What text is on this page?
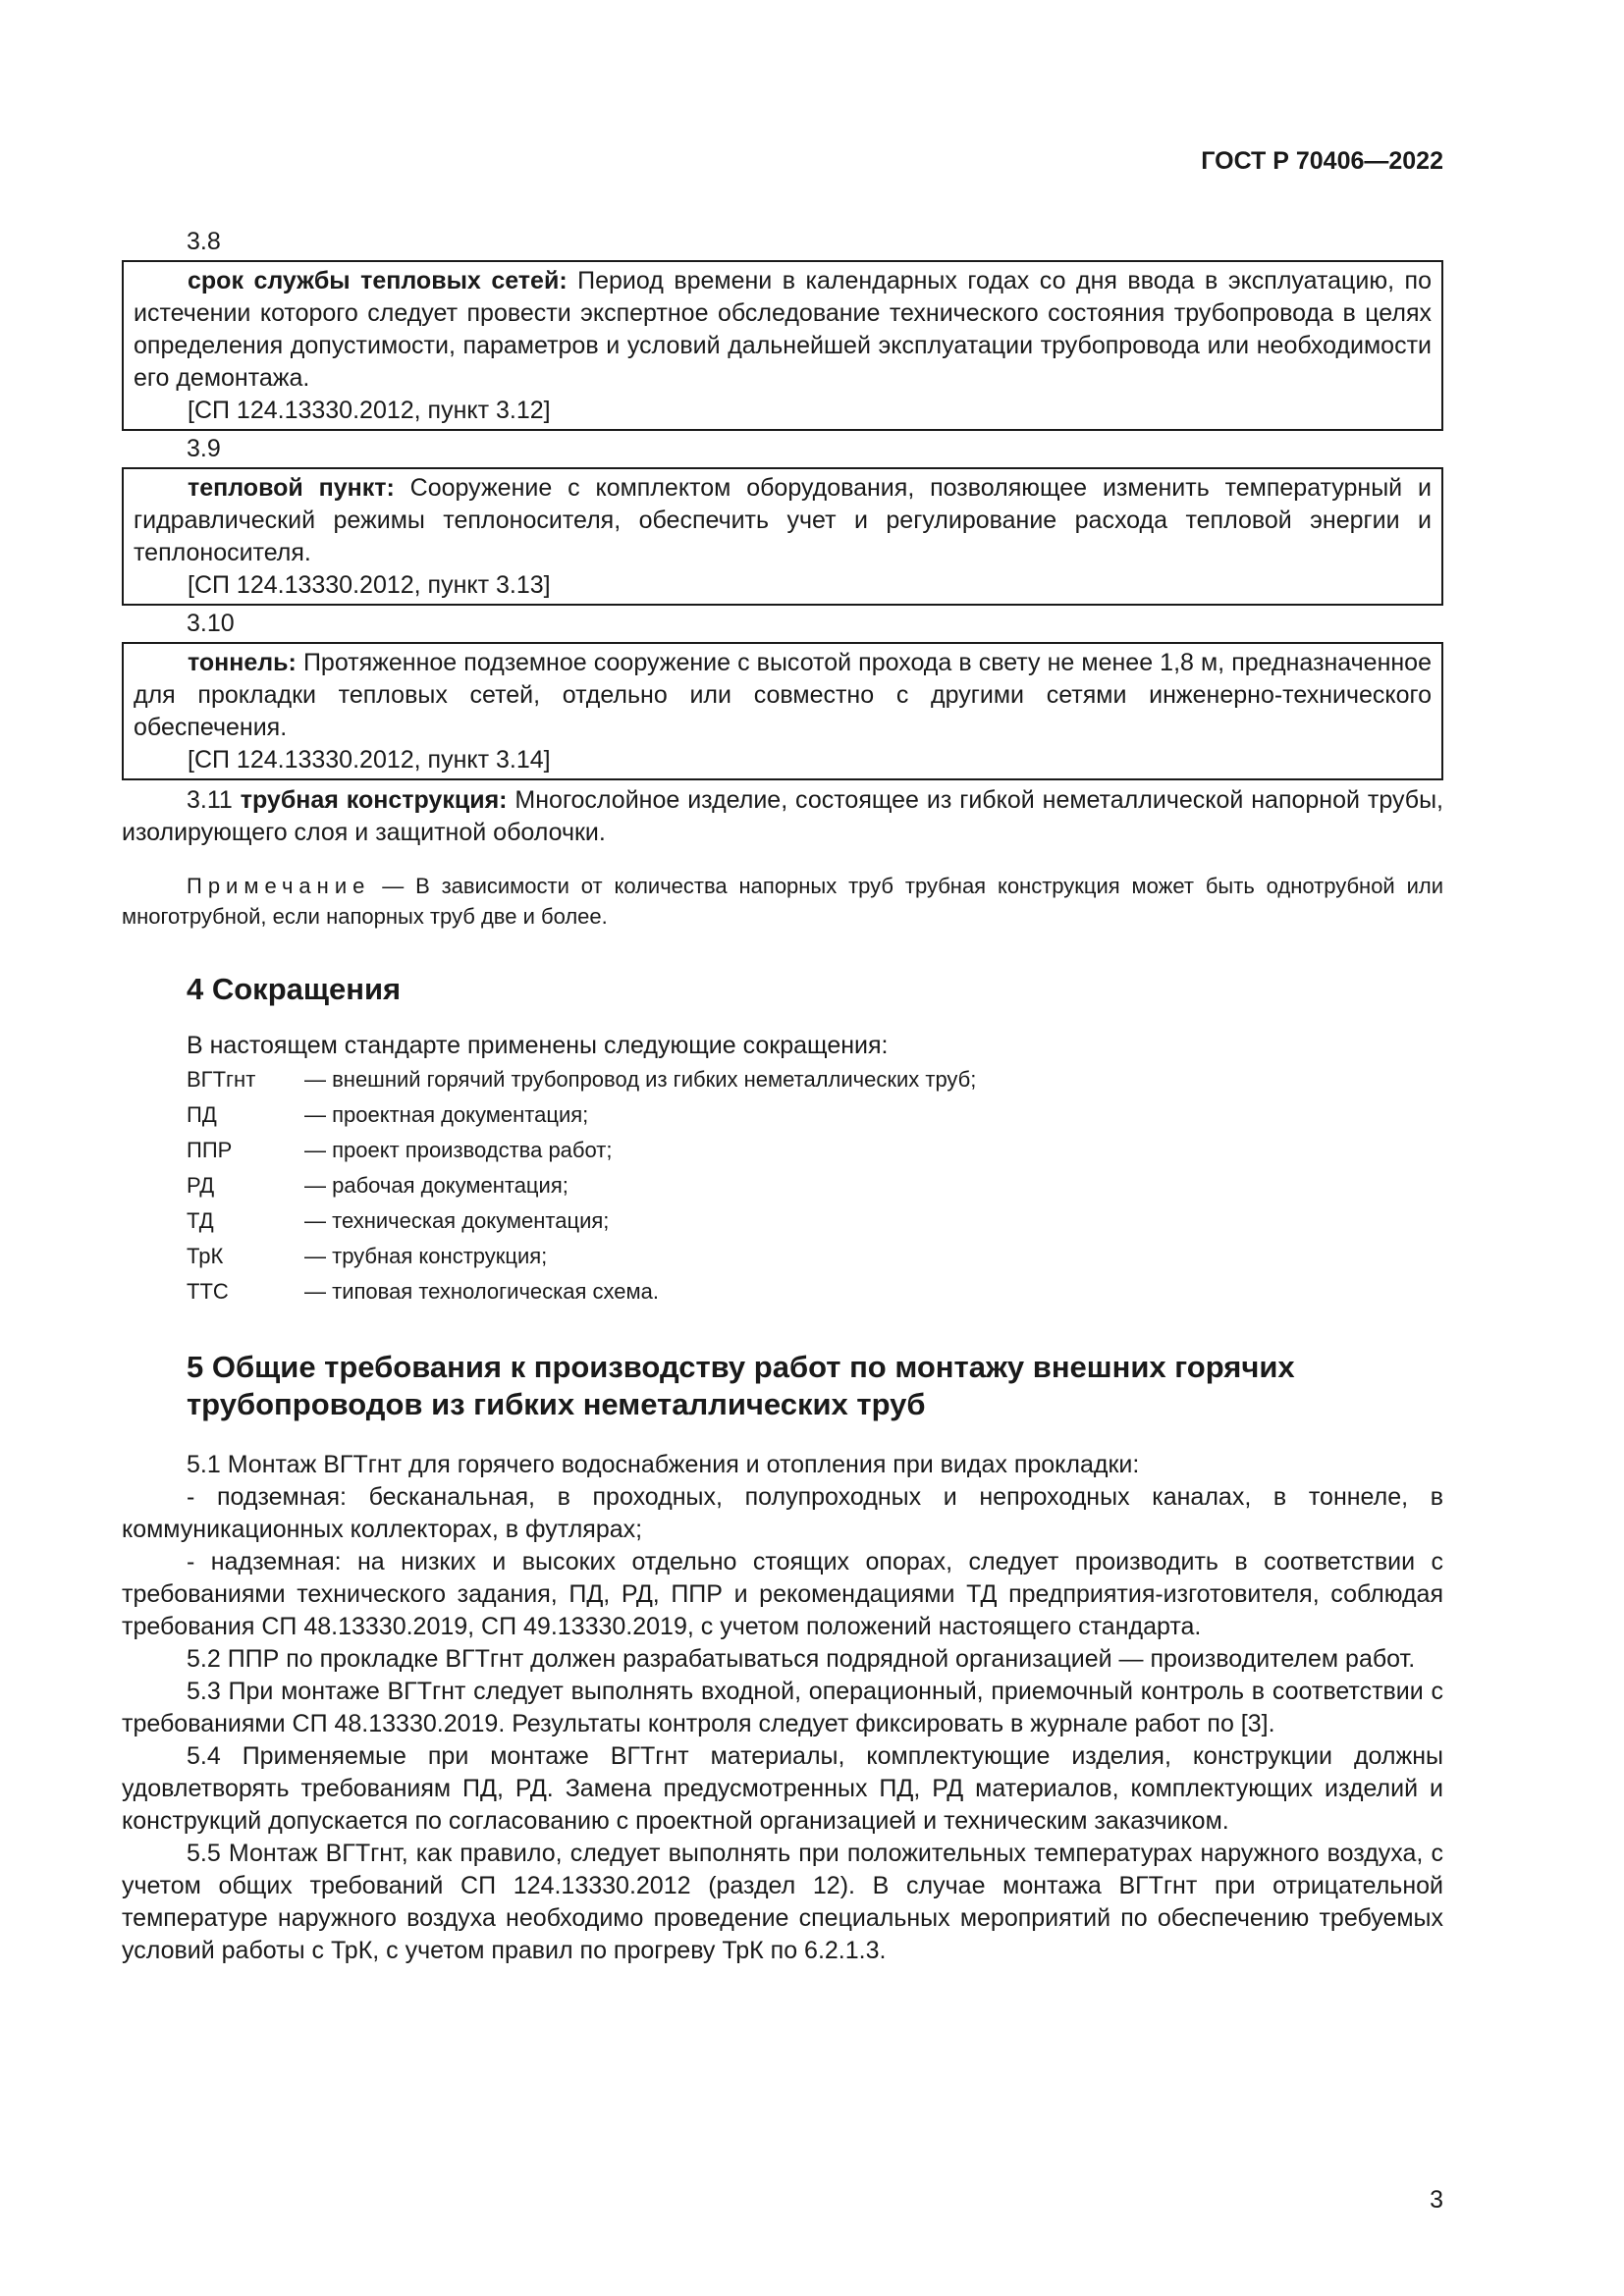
ГОСТ Р 70406—2022
3.8

срок службы тепловых сетей: Период времени в календарных годах со дня ввода в эксплуатацию, по истечении которого следует провести экспертное обследование технического состояния трубопровода в целях определения допустимости, параметров и условий дальнейшей эксплуатации трубопровода или необходимости его демонтажа.

[СП 124.13330.2012, пункт 3.12]

3.9

тепловой пункт: Сооружение с комплектом оборудования, позволяющее изменить температурный и гидравлический режимы теплоносителя, обеспечить учет и регулирование расхода тепловой энергии и теплоносителя.

[СП 124.13330.2012, пункт 3.13]

3.10

тоннель: Протяженное подземное сооружение с высотой прохода в свету не менее 1,8 м, предназначенное для прокладки тепловых сетей, отдельно или совместно с другими сетями инженерно-технического обеспечения.

[СП 124.13330.2012, пункт 3.14]

3.11 трубная конструкция: Многослойное изделие, состоящее из гибкой неметаллической напорной трубы, изолирующего слоя и защитной оболочки.

Примечание — В зависимости от количества напорных труб трубная конструкция может быть однотрубной или многотрубной, если напорных труб две и более.

4 Сокращения

В настоящем стандарте применены следующие сокращения:

ВГТгнт	— внешний горячий трубопровод из гибких неметаллических труб;
ПД	— проектная документация;
ППР	— проект производства работ;
РД	— рабочая документация;
ТД	— техническая документация;
ТрК	— трубная конструкция;
ТТС	— типовая технологическая схема.
5 Общие требования к производству работ по монтажу внешних горячих
трубопроводов из гибких неметаллических труб

5.1 Монтаж ВГТгнт для горячего водоснабжения и отопления при видах прокладки:

- подземная: бесканальная, в проходных, полупроходных и непроходных каналах, в тоннеле, в коммуникационных коллекторах, в футлярах;

- надземная: на низких и высоких отдельно стоящих опорах, следует производить в соответствии с требованиями технического задания, ПД, РД, ППР и рекомендациями ТД предприятия-изготовителя, соблюдая требования СП 48.13330.2019, СП 49.13330.2019, с учетом положений настоящего стандарта.

5.2 ППР по прокладке ВГТгнт должен разрабатываться подрядной организацией — производителем работ.

5.3 При монтаже ВГТгнт следует выполнять входной, операционный, приемочный контроль в соответствии с требованиями СП 48.13330.2019. Результаты контроля следует фиксировать в журнале работ по [3].

5.4 Применяемые при монтаже ВГТгнт материалы, комплектующие изделия, конструкции должны удовлетворять требованиям ПД, РД. Замена предусмотренных ПД, РД материалов, комплектующих изделий и конструкций допускается по согласованию с проектной организацией и техническим заказчиком.

5.5 Монтаж ВГТгнт, как правило, следует выполнять при положительных температурах наружного воздуха, с учетом общих требований СП 124.13330.2012 (раздел 12). В случае монтажа ВГТгнт при отрицательной температуре наружного воздуха необходимо проведение специальных мероприятий по обеспечению требуемых условий работы с ТрК, с учетом правил по прогреву ТрК по 6.2.1.3.

3
